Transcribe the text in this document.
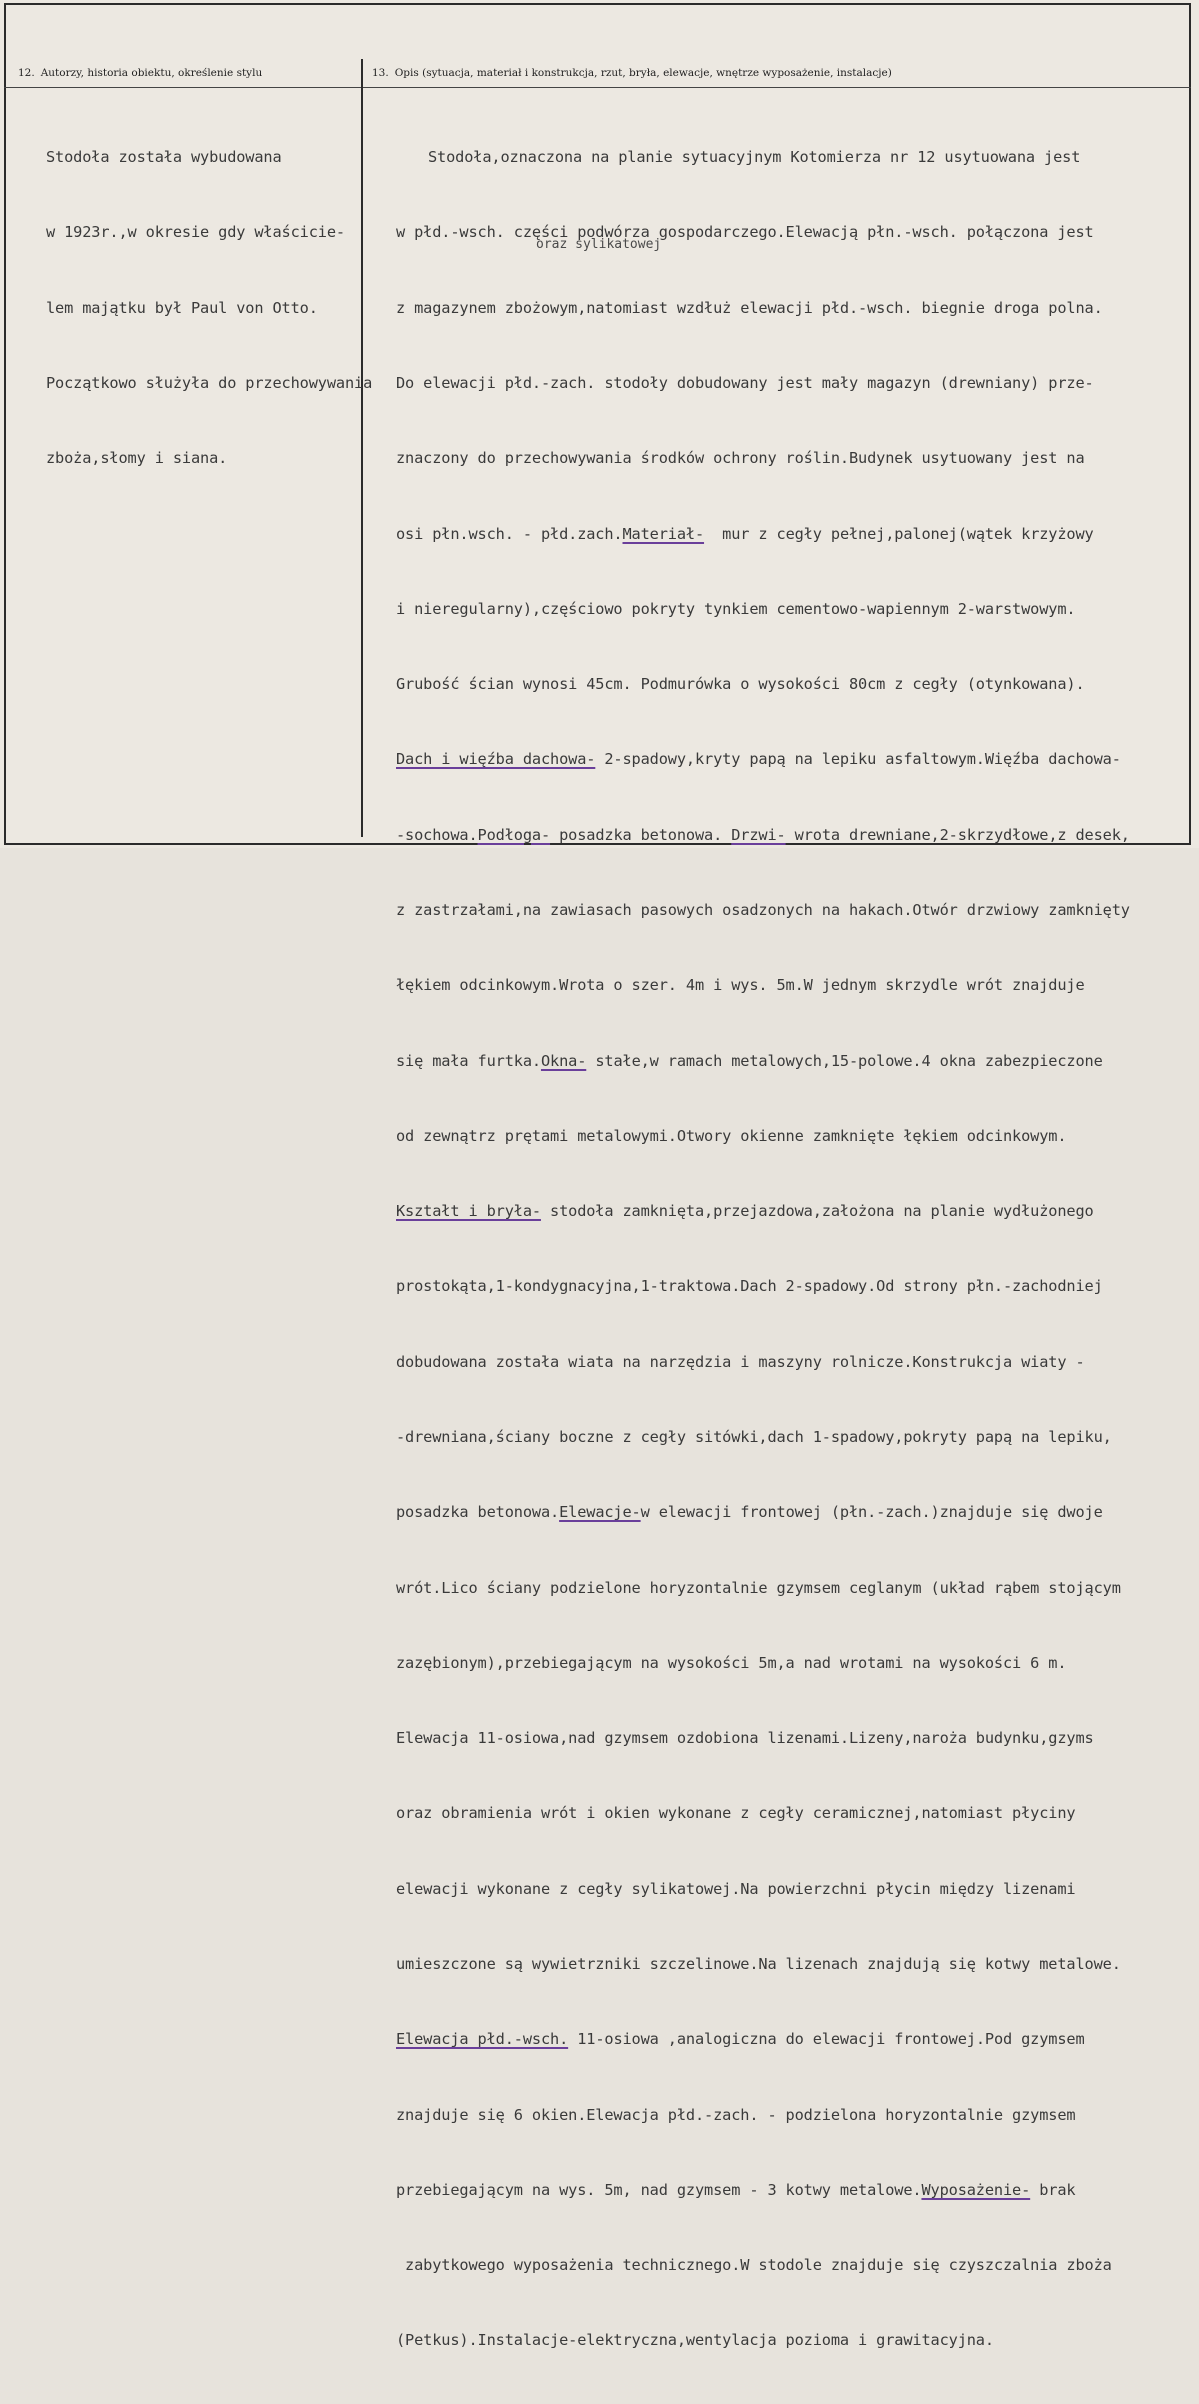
12. Autorzy, historia obiektu, określenie stylu	13. Opis (sytuacja, materiał i konstrukcja, rzut, bryła, elewacje, wnętrze wyposażenie, instalacje)

Stodoła została wybudowana

w 1923r.,w okresie gdy właściciе-

lem majątku był Paul von Otto.

Początkowo służyła do przechowywania

zboża,słomy i siana.

oraz sylikatowej

Stodoła,oznaczona na planie sytuacyjnym Kotomierza nr 12 usytuowana jest

w płd.-wsch. części podwórza gospodarczego.Elewacją płn.-wsch. połączona jest

z magazynem zbożowym,natomiast wzdłuż elewacji płd.-wsch. biegnie droga polna.

Do elewacji płd.-zach. stodoły dobudowany jest mały magazyn (drewniany) prze-

znaczony do przechowywania środków ochrony roślin.Budynek usytuowany jest na

osi płn.wsch. - płd.zach.Materiał-  mur z cegły pełnej,palonej(wątek krzyżowy

i nieregularny),częściowo pokryty tynkiem cementowo-wapiennym 2-warstwowym.

Grubość ścian wynosi 45cm. Podmurówka o wysokości 80cm z cegły (otynkowana).

Dach i więźba dachowa- 2-spadowy,kryty papą na lepiku asfaltowym.Więźba dachowa-

-sochowa.Podłoga- posadzka betonowa. Drzwi- wrota drewniane,2-skrzydłowe,z desek,

z zastrzałami,na zawiasach pasowych osadzonych na hakach.Otwór drzwiowy zamknięty

łękiem odcinkowym.Wrota o szer. 4m i wys. 5m.W jednym skrzydle wrót znajduje

się mała furtka.Okna- stałe,w ramach metalowych,15-polowe.4 okna zabezpieczone

od zewnątrz prętami metalowymi.Otwory okienne zamknięte łękiem odcinkowym.

Kształt i bryła- stodoła zamknięta,przejazdowa,założona na planie wydłużonego

prostokąta,1-kondygnacyjna,1-traktowa.Dach 2-spadowy.Od strony płn.-zachodniej

dobudowana została wiata na narzędzia i maszyny rolnicze.Konstrukcja wiaty -

-drewniana,ściany boczne z cegły sitówki,dach 1-spadowy,pokryty papą na lepiku,

posadzka betonowa.Elewacje-w elewacji frontowej (płn.-zach.)znajduje się dwoje

wrót.Lico ściany podzielone horyzontalnie gzymsem ceglanym (układ rąbem stojącym

zazębionym),przebiegającym na wysokości 5m,a nad wrotami na wysokości 6 m.

Elewacja 11-osiowa,nad gzymsem ozdobiona lizenami.Lizeny,naroża budynku,gzyms

oraz obramienia wrót i okien wykonane z cegły ceramicznej,natomiast płyciny

elewacji wykonane z cegły sylikatowej.Na powierzchni płycin między lizenami

umieszczone są wywietrzniki szczelinowe.Na lizenach znajdują się kotwy metalowe.

Elewacja płd.-wsch. 11-osiowa ,analogiczna do elewacji frontowej.Pod gzymsem

znajduje się 6 okien.Elewacja płd.-zach. - podzielona horyzontalnie gzymsem

przebiegającym na wys. 5m, nad gzymsem - 3 kotwy metalowe.Wyposażenie- brak

zabytkowego wyposażenia technicznego.W stodole znajduje się czyszczalnia zboża

(Petkus).Instalacje-elektryczna,wentylacja pozioma i grawitacyjna.
